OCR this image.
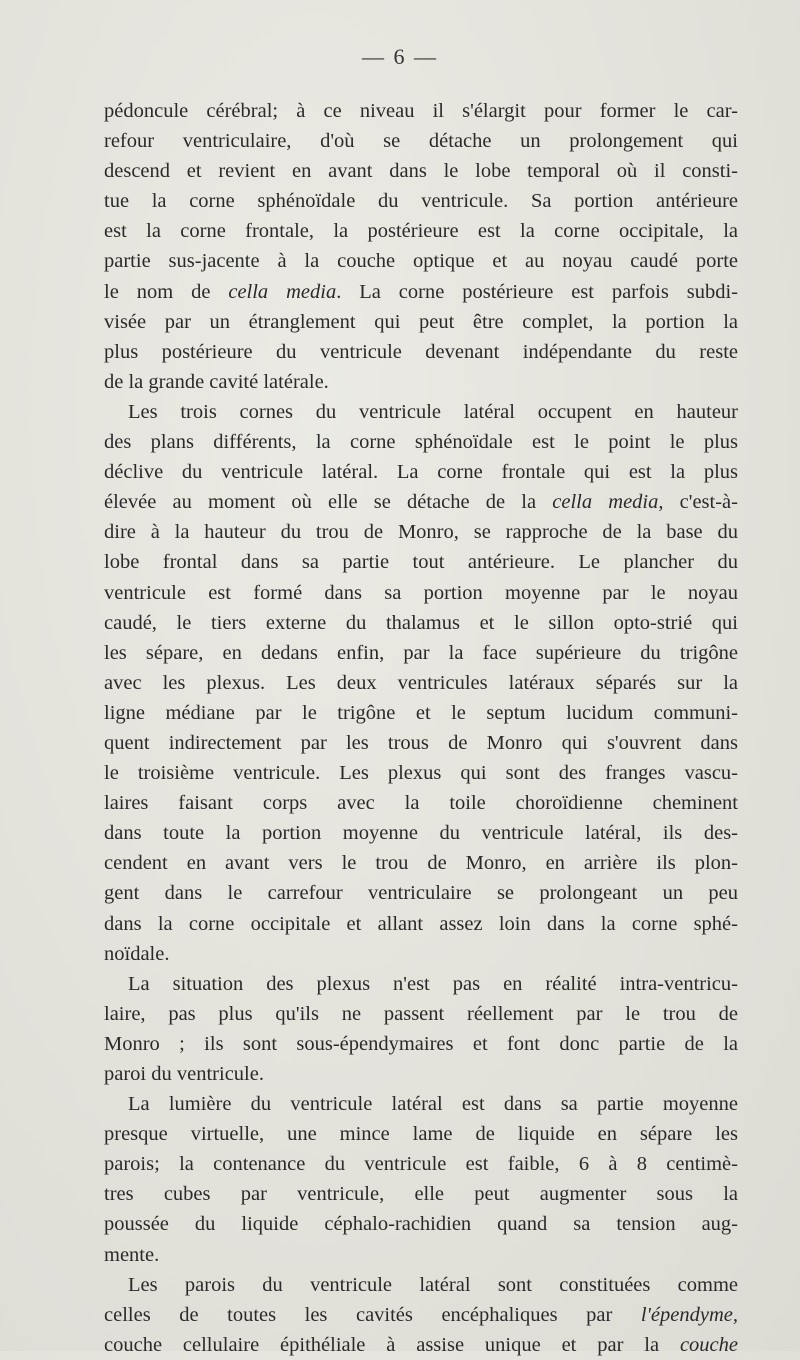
— 6 —
pédoncule cérébral; à ce niveau il s'élargit pour former le car-
refour ventriculaire, d'où se détache un prolongement qui
descend et revient en avant dans le lobe temporal où il consti-
tue la corne sphénoïdale du ventricule. Sa portion antérieure
est la corne frontale, la postérieure est la corne occipitale, la
partie sus-jacente à la couche optique et au noyau caudé porte
le nom de cella media. La corne postérieure est parfois subdi-
visée par un étranglement qui peut être complet, la portion la
plus postérieure du ventricule devenant indépendante du reste
de la grande cavité latérale.
Les trois cornes du ventricule latéral occupent en hauteur
des plans différents, la corne sphénoïdale est le point le plus
déclive du ventricule latéral. La corne frontale qui est la plus
élevée au moment où elle se détache de la cella media, c'est-à-
dire à la hauteur du trou de Monro, se rapproche de la base du
lobe frontal dans sa partie tout antérieure. Le plancher du
ventricule est formé dans sa portion moyenne par le noyau
caudé, le tiers externe du thalamus et le sillon opto-strié qui
les sépare, en dedans enfin, par la face supérieure du trigône
avec les plexus. Les deux ventricules latéraux séparés sur la
ligne médiane par le trigône et le septum lucidum communi-
quent indirectement par les trous de Monro qui s'ouvrent dans
le troisième ventricule. Les plexus qui sont des franges vascu-
laires faisant corps avec la toile choroïdienne cheminent
dans toute la portion moyenne du ventricule latéral, ils des-
cendent en avant vers le trou de Monro, en arrière ils plon-
gent dans le carrefour ventriculaire se prolongeant un peu
dans la corne occipitale et allant assez loin dans la corne sphé-
noïdale.
La situation des plexus n'est pas en réalité intra-ventricu-
laire, pas plus qu'ils ne passent réellement par le trou de
Monro ; ils sont sous-épendymaires et font donc partie de la
paroi du ventricule.
La lumière du ventricule latéral est dans sa partie moyenne
presque virtuelle, une mince lame de liquide en sépare les
parois; la contenance du ventricule est faible, 6 à 8 centimè-
tres cubes par ventricule, elle peut augmenter sous la
poussée du liquide céphalo-rachidien quand sa tension aug-
mente.
Les parois du ventricule latéral sont constituées comme
celles de toutes les cavités encéphaliques par l'épendyme,
couche cellulaire épithéliale à assise unique et par la couche
